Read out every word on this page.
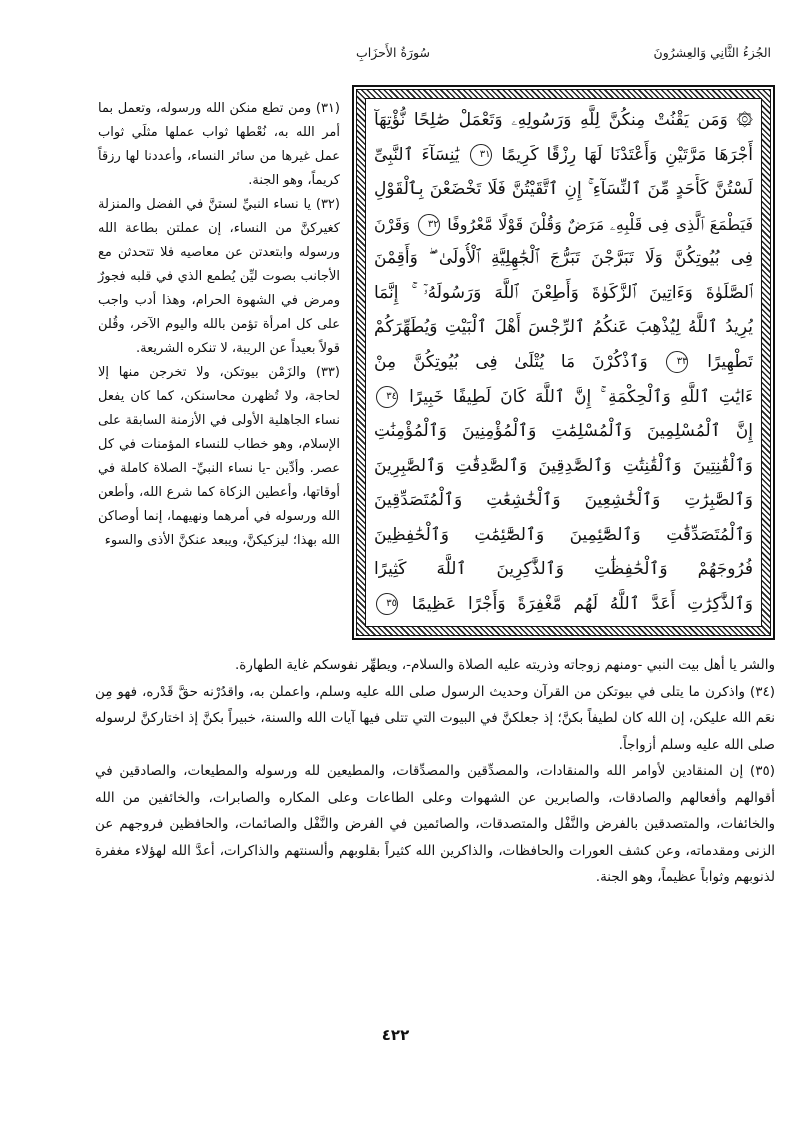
الجُزءُ الثَّانِي وَالعِشرُونَ
سُورَةُ الأَحزَابِ

(٣١) ومن تطع منكن الله ورسوله، وتعمل بما أمر الله به، نُعْطها ثواب عملها مثلَي ثواب عمل غيرها من سائر النساء، وأعددنا لها رزقاً كريماً، وهو الجنة.

(٣٢) يا نساء النبيِّ لستنَّ في الفضل والمنزلة كغيركنَّ من النساء، إن عملتن بطاعة الله ورسوله وابتعدتن عن معاصيه فلا تتحدثن مع الأجانب بصوت ليِّن يُطمع الذي في قلبه فجورٌ ومرض في الشهوة الحرام، وهذا أدب واجب على كل امرأة تؤمن بالله واليوم الآخر، وقُلن قولاً بعيداً عن الريبة، لا تنكره الشريعة.

(٣٣) والزَمْن بيوتكن، ولا تخرجن منها إلا لحاجة، ولا تُظهرن محاسنكن، كما كان يفعل نساء الجاهلية الأولى في الأزمنة السابقة على الإسلام، وهو خطاب للنساء المؤمنات في كل عصر. وأدِّين -يا نساء النبيِّ- الصلاة كاملة في أوقاتها، وأعطين الزكاة كما شرع الله، وأطعن الله ورسوله في أمرهما ونهيهما، إنما أوصاكن الله بهذا؛ ليزكيكنَّ، ويبعد عنكنَّ الأذى والسوء

۞ وَمَن يَقْنُتْ مِنكُنَّ لِلَّهِ وَرَسُولِهِۦ وَتَعْمَلْ صَٰلِحًا نُّؤْتِهَآ
أَجْرَهَا مَرَّتَيْنِ وَأَعْتَدْنَا لَهَا رِزْقًا كَرِيمًا ٣١ يَٰنِسَآءَ ٱلنَّبِىِّ
لَسْتُنَّ كَأَحَدٍ مِّنَ ٱلنِّسَآءِ ۚ إِنِ ٱتَّقَيْتُنَّ فَلَا تَخْضَعْنَ بِٱلْقَوْلِ
فَيَطْمَعَ ٱلَّذِى فِى قَلْبِهِۦ مَرَضٌ وَقُلْنَ قَوْلًا مَّعْرُوفًا ٣٢ وَقَرْنَ
فِى بُيُوتِكُنَّ وَلَا تَبَرَّجْنَ تَبَرُّجَ ٱلْجَٰهِلِيَّةِ ٱلْأُولَىٰ ۖ وَأَقِمْنَ
ٱلصَّلَوٰةَ وَءَاتِينَ ٱلزَّكَوٰةَ وَأَطِعْنَ ٱللَّهَ وَرَسُولَهُۥٓ ۚ إِنَّمَا
يُرِيدُ ٱللَّهُ لِيُذْهِبَ عَنكُمُ ٱلرِّجْسَ أَهْلَ ٱلْبَيْتِ وَيُطَهِّرَكُمْ
تَطْهِيرًا ٣٣ وَٱذْكُرْنَ مَا يُتْلَىٰ فِى بُيُوتِكُنَّ مِنْ
ءَايَٰتِ ٱللَّهِ وَٱلْحِكْمَةِ ۚ إِنَّ ٱللَّهَ كَانَ لَطِيفًا خَبِيرًا ٣٤
إِنَّ ٱلْمُسْلِمِينَ وَٱلْمُسْلِمَٰتِ وَٱلْمُؤْمِنِينَ وَٱلْمُؤْمِنَٰتِ
وَٱلْقَٰنِتِينَ وَٱلْقَٰنِتَٰتِ وَٱلصَّٰدِقِينَ وَٱلصَّٰدِقَٰتِ وَٱلصَّٰبِرِينَ
وَٱلصَّٰبِرَٰتِ وَٱلْخَٰشِعِينَ وَٱلْخَٰشِعَٰتِ وَٱلْمُتَصَدِّقِينَ
وَٱلْمُتَصَدِّقَٰتِ وَٱلصَّٰٓئِمِينَ وَٱلصَّٰٓئِمَٰتِ وَٱلْحَٰفِظِينَ
فُرُوجَهُمْ وَٱلْحَٰفِظَٰتِ وَٱلذَّٰكِرِينَ ٱللَّهَ كَثِيرًا
وَٱلذَّٰكِرَٰتِ أَعَدَّ ٱللَّهُ لَهُم مَّغْفِرَةً وَأَجْرًا عَظِيمًا ٣٥

والشر يا أهل بيت النبي -ومنهم زوجاته وذريته عليه الصلاة والسلام-، ويطهِّر نفوسكم غاية الطهارة.

(٣٤) واذكرن ما يتلى في بيوتكن من القرآن وحديث الرسول صلى الله عليه وسلم، واعملن به، واقدُرْنه حقَّ قَدْره، فهو مِن نعَم الله عليكن، إن الله كان لطيفاً بكنَّ؛ إذ جعلكنَّ في البيوت التي تتلى فيها آيات الله والسنة، خبيراً بكنَّ إذ اختاركنَّ لرسوله صلى الله عليه وسلم أزواجاً.

(٣٥) إن المنقادين لأوامر الله والمنقادات، والمصدِّقين والمصدِّقات، والمطيعين لله ورسوله والمطيعات، والصادقين في أقوالهم وأفعالهم والصادقات، والصابرين عن الشهوات وعلى الطاعات وعلى المكاره والصابرات، والخائفين من الله والخائفات، والمتصدقين بالفرض والنَّفْل والمتصدقات، والصائمين في الفرض والنَّفْل والصائمات، والحافظين فروجهم عن الزنى ومقدماته، وعن كشف العورات والحافظات، والذاكرين الله كثيراً بقلوبهم وألسنتهم والذاكرات، أعدَّ الله لهؤلاء مغفرة لذنوبهم وثواباً عظيماً، وهو الجنة.

٤٢٢
